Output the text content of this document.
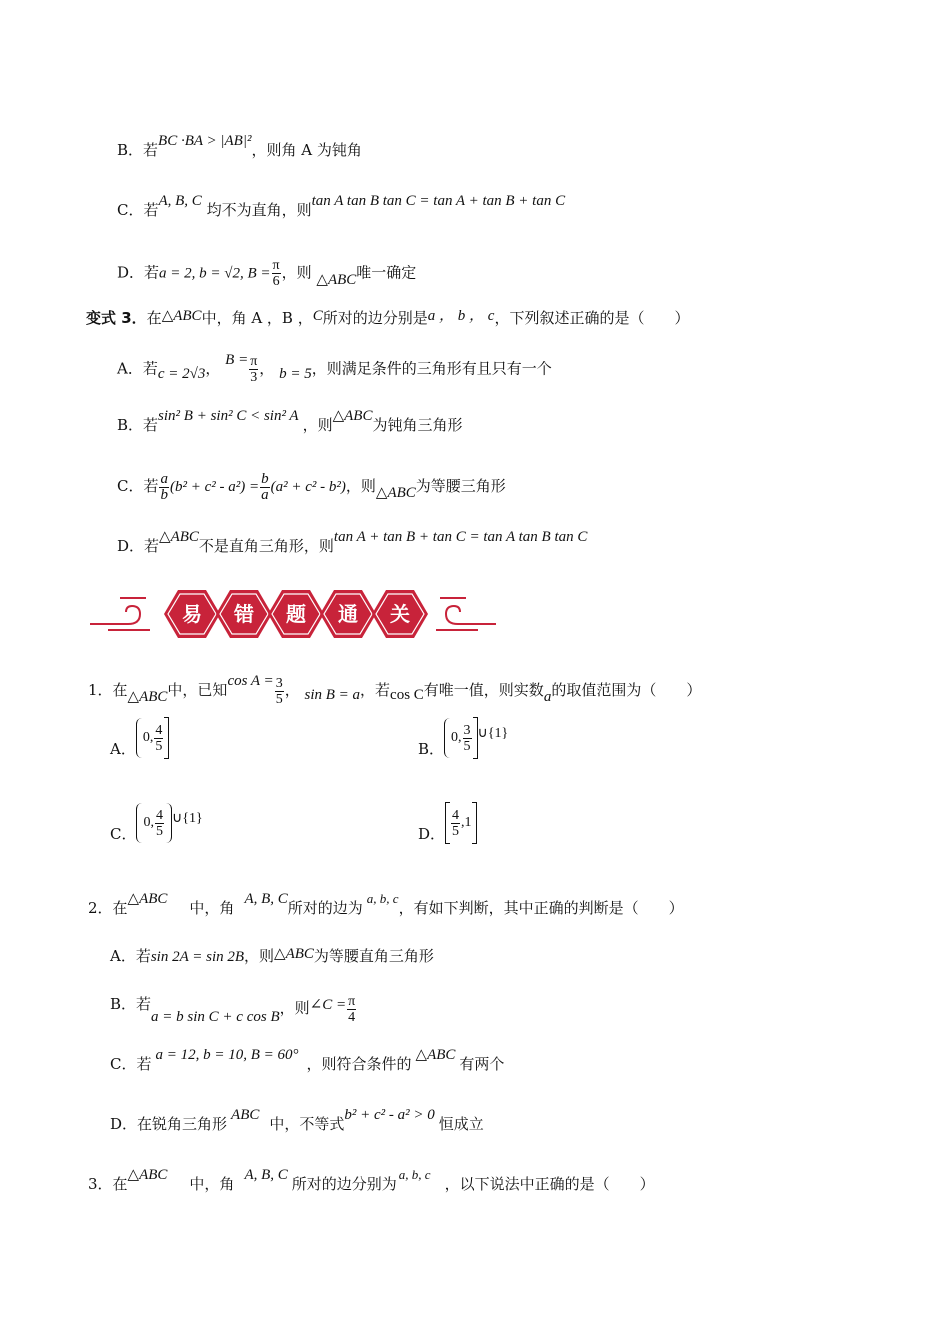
B．若BC ·BA > |AB|²，则角 A 为钝角
C．若A, B, C 均不为直角，则tan A tan B tan C = tan A + tan B + tan C
D．若a = 2, b = √2, $B = \frac{\pi}{6}$ ，则 △ABC唯一确定
变式 3．在△ABC中，角 A ，B ，C所对的边分别是a ， b ， c，下列叙述正确的是（　　）
A．若c = 2√3， $B = \frac{\pi}{3}$ ， b = 5，则满足条件的三角形有且只有一个
B．若sin² B + sin² C < sin² A ，则△ABC为钝角三角形
C．若 $\frac{a}{b} (b^2 + c^2 - a^2) = \frac{b}{a} (a^2 + c^2 - b^2)$，则△ABC为等腰三角形
D．若△ABC不是直角三角形，则tan A + tan B + tan C = tan A tan B tan C
易	错	题	通	关
1．在△ABC中，已知$\cos A = \frac{3}{5}$ ， sin B = a，若cos C有唯一值，则实数a的取值范围为（　　）
A．0, $\frac{4}{5}$	B．0, $\frac{3}{5}$ ∪{1}
C．0, $\frac{4}{5}$ ∪{1}
D． $\frac{4}{5} ,1$
2．在△ABC 中，角 A, B, C所对的边为a, b, c，有如下判断，其中正确的判断是（　　）
A．若sin 2A = sin 2B，则△ABC为等腰直角三角形
B．若a = b sin C + c cos B，则∠C = $\frac{\pi}{4}$
C．若 a = 12, b = 10, B = 60° ，则符合条件的 △ABC 有两个
D．在锐角三角形 ABC 中，不等式b² + c² - a² > 0 恒成立
3．在△ABC 中，角 A, B, C 所对的边分别为a, b, c，以下说法中正确的是（　　）
